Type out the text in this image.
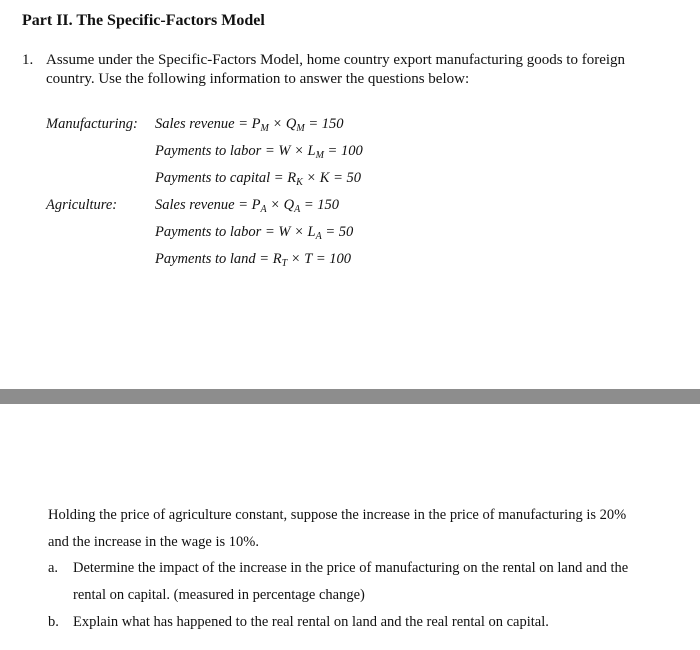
Part II. The Specific-Factors Model
1. Assume under the Specific-Factors Model, home country export manufacturing goods to foreign
country. Use the following information to answer the questions below:
Manufacturing: Sales revenue = $P_M \times Q_M = 150$
Payments to labor = $W \times L_M = 100$
Payments to capital = $R_K \times K = 50$
Agriculture:	Sales revenue = $P_A \times Q_A = 150$
Payments to labor = $W \times L_A = 50$
Payments to land = $R_T \times T = 100$
Holding the price of agriculture constant, suppose the increase in the price of manufacturing is 20%
and the increase in the wage is 10%.
a. Determine the impact of the increase in the price of manufacturing on the rental on land and the
rental on capital. (measured in percentage change)
b. Explain what has happened to the real rental on land and the real rental on capital.
